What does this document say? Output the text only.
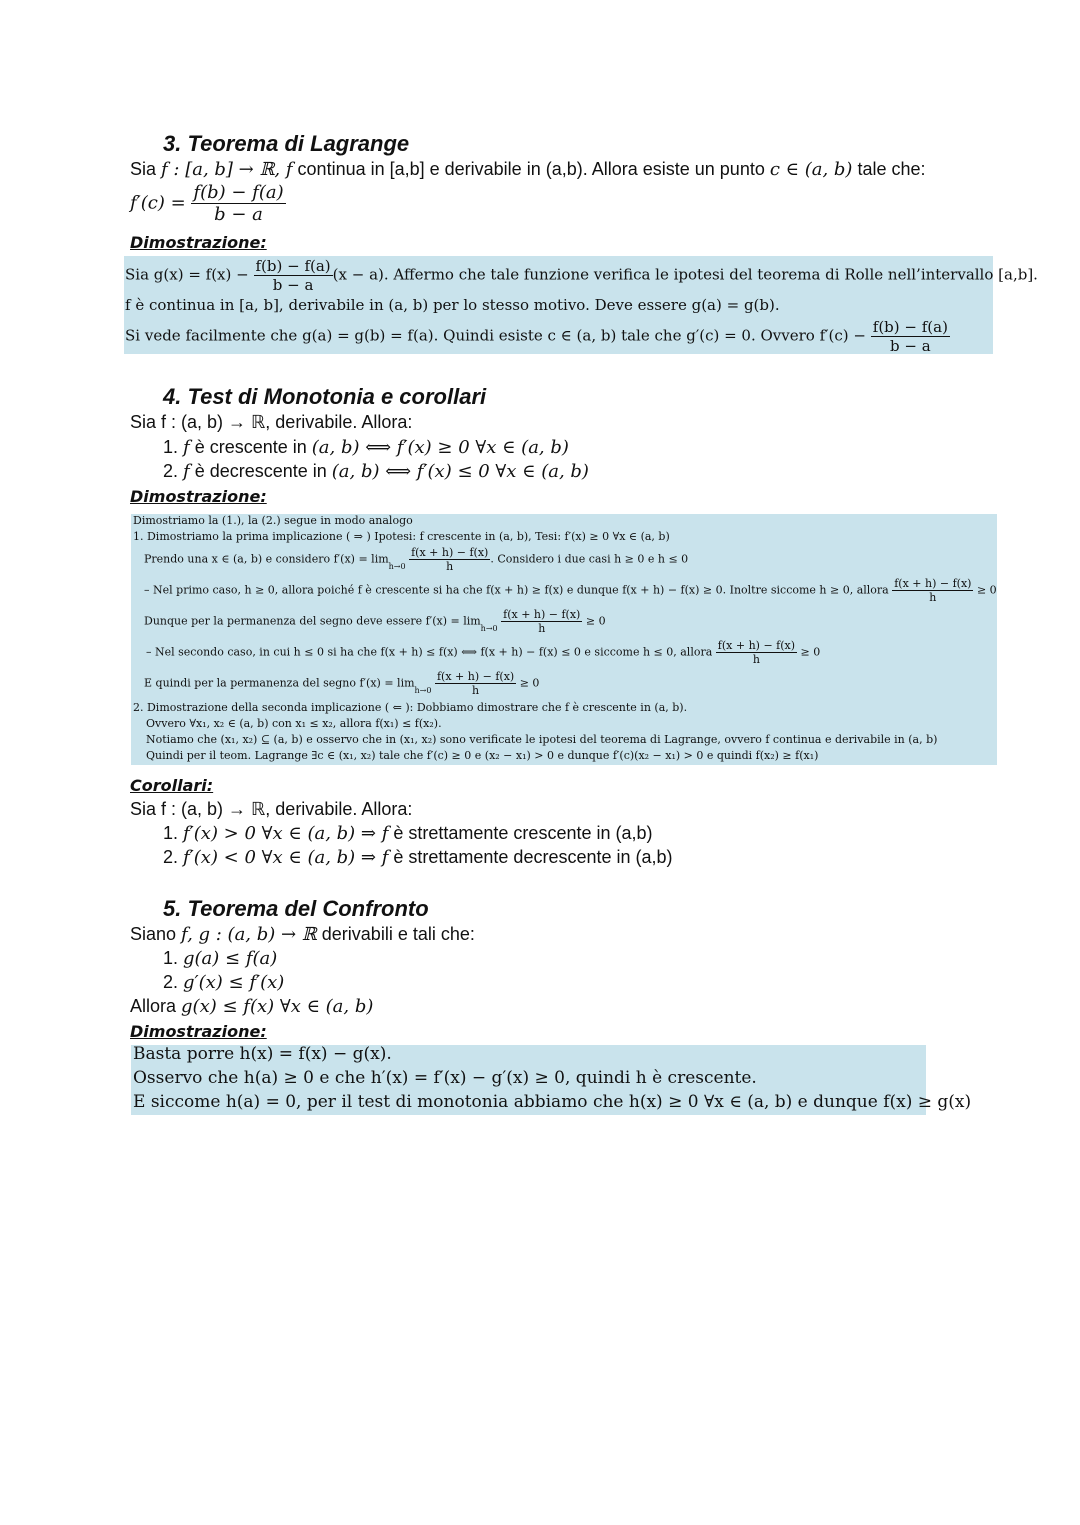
3. Teorema di Lagrange
Sia f : [a, b] → ℝ, f continua in [a,b] e derivabile in (a,b). Allora esiste un punto c ∈ (a, b) tale che:
$f'(c) = \frac{f(b) - f(a)}{b - a}$
Dimostrazione:
Sia $g(x) = f(x) - \frac{f(b) - f(a)}{b - a} (x - a)$. Affermo che tale funzione verifica le ipotesi del teorema di Rolle nell’intervallo [a,b].
f è continua in [a, b], derivabile in (a, b) per lo stesso motivo. Deve essere g(a) = g(b).
Si vede facilmente che g(a) = g(b) = f(a). Quindi esiste c ∈ (a, b) tale che g′(c) = 0. Ovvero $f'(c) - \frac{f(b) - f(a)}{b - a}$
4. Test di Monotonia e corollari
Sia f : (a, b) → ℝ, derivabile. Allora:
1. f è crescente in (a, b) ⟺ f′(x) ≥ 0 ∀x ∈ (a, b)
2. f è decrescente in (a, b) ⟺ f′(x) ≤ 0 ∀x ∈ (a, b)
Dimostrazione:
Dimostriamo la (1.), la (2.) segue in modo analogo
1. Dimostriamo la prima implicazione ( ⇒ ) Ipotesi: f crescente in (a, b), Tesi: f′(x) ≥ 0 ∀x ∈ (a, b)
Prendo una x ∈ (a, b) e considero $f'(x) = \lim h\to 0 \frac{f(x + h) - f(x)}{h}$ . Considero i due casi h ≥ 0 e h ≤ 0
– Nel primo caso, h ≥ 0, allora poiché f è crescente si ha che f(x + h) ≥ f(x) e dunque f(x + h) − f(x) ≥ 0. Inoltre siccome h ≥ 0, allora $\frac{f(x + h) - f(x)}{h} \ge 0$
Dunque per la permanenza del segno deve essere $f'(x) = \lim h\to 0 \frac{f(x + h) - f(x)}{h} \ge 0$
– Nel secondo caso, in cui h ≤ 0 si ha che f(x + h) ≤ f(x) ⟺ f(x + h) − f(x) ≤ 0 e siccome h ≤ 0, allora $\frac{f(x + h) - f(x)}{h} \ge 0$
E quindi per la permanenza del segno $f'(x) = \lim h\to 0 \frac{f(x + h) - f(x)}{h} \ge 0$
2. Dimostrazione della seconda implicazione ( ⇐ ): Dobbiamo dimostrare che f è crescente in (a, b).
Ovvero ∀x₁, x₂ ∈ (a, b) con x₁ ≤ x₂, allora f(x₁) ≤ f(x₂).
Notiamo che (x₁, x₂) ⊆ (a, b) e osservo che in (x₁, x₂) sono verificate le ipotesi del teorema di Lagrange, ovvero f continua e derivabile in (a, b)
Quindi per il teom. Lagrange ∃c ∈ (x₁, x₂) tale che f′(c) ≥ 0 e (x₂ − x₁) > 0 e dunque f′(c)(x₂ − x₁) > 0 e quindi f(x₂) ≥ f(x₁)
Corollari:
Sia f : (a, b) → ℝ, derivabile. Allora:
1. f′(x) > 0 ∀x ∈ (a, b) ⇒ f è strettamente crescente in (a,b)
2. f′(x) < 0 ∀x ∈ (a, b) ⇒ f è strettamente decrescente in (a,b)
5. Teorema del Confronto
Siano f, g : (a, b) → ℝ derivabili e tali che:
1. g(a) ≤ f(a)
2. g′(x) ≤ f′(x)
Allora g(x) ≤ f(x) ∀x ∈ (a, b)
Dimostrazione:
Basta porre h(x) = f(x) − g(x).
Osservo che h(a) ≥ 0 e che h′(x) = f′(x) − g′(x) ≥ 0, quindi h è crescente.
E siccome h(a) = 0, per il test di monotonia abbiamo che h(x) ≥ 0 ∀x ∈ (a, b) e dunque f(x) ≥ g(x)
